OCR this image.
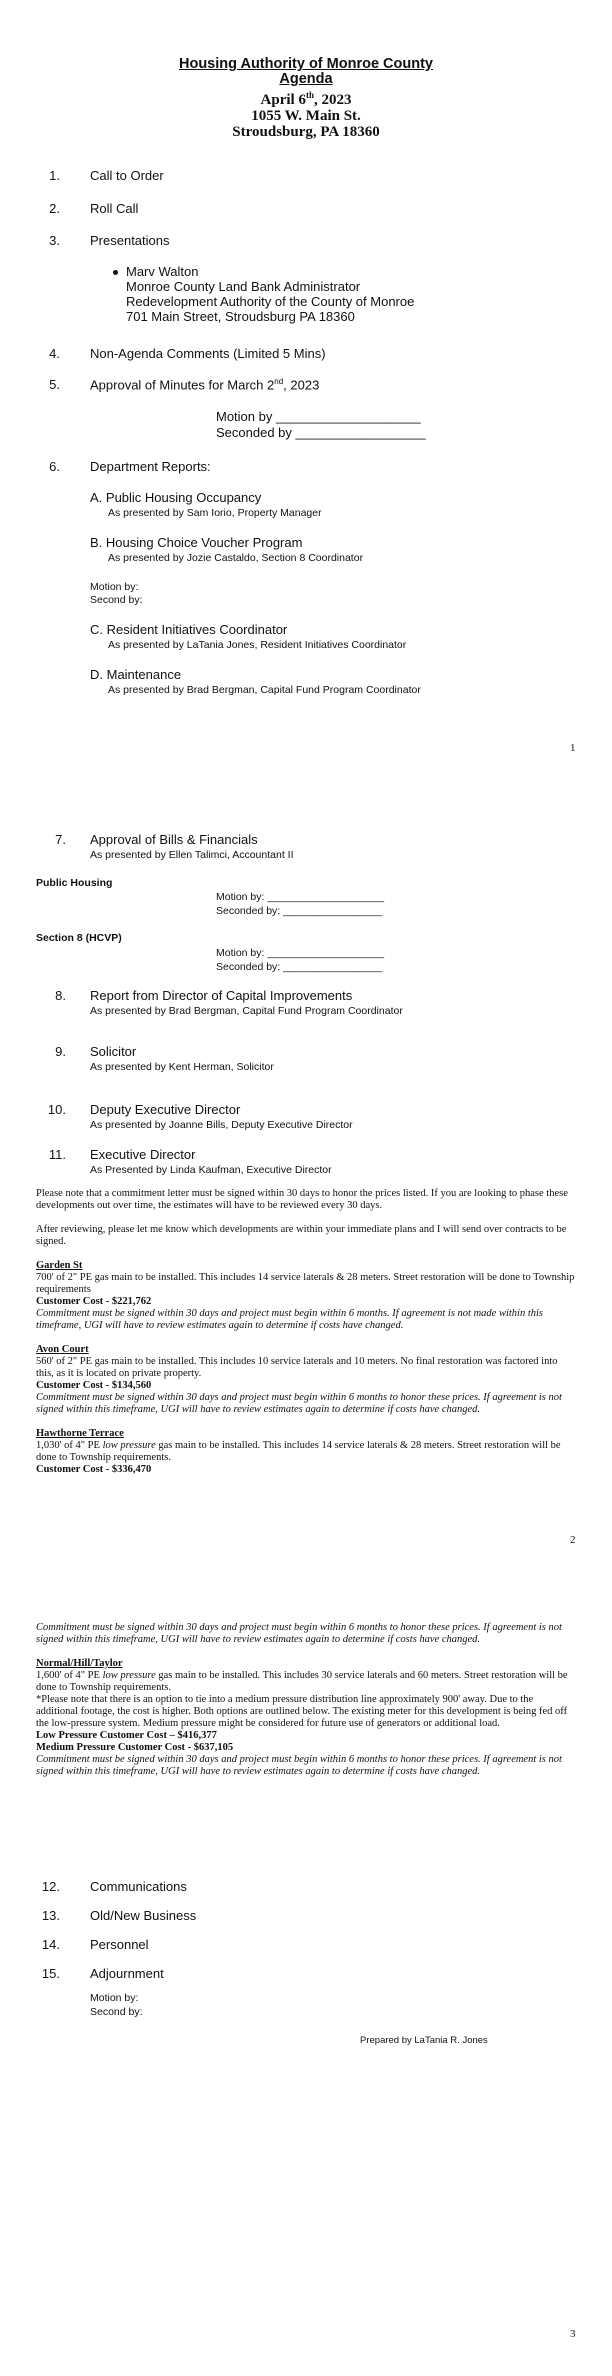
Housing Authority of Monroe County
Agenda
April 6th, 2023
1055 W. Main St.
Stroudsburg, PA 18360
1. Call to Order
2. Roll Call
3. Presentations
Marv Walton
Monroe County Land Bank Administrator
Redevelopment Authority of the County of Monroe
701 Main Street, Stroudsburg PA 18360
4. Non-Agenda Comments (Limited 5 Mins)
5. Approval of Minutes for March 2nd, 2023
Motion by ____________________
Seconded by __________________
6. Department Reports:
A. Public Housing Occupancy
As presented by Sam Iorio, Property Manager
B. Housing Choice Voucher Program
As presented by Jozie Castaldo, Section 8 Coordinator
Motion by:
Second by:
C. Resident Initiatives Coordinator
As presented by LaTania Jones, Resident Initiatives Coordinator
D. Maintenance
As presented by Brad Bergman, Capital Fund Program Coordinator
1
7. Approval of Bills & Financials
As presented by Ellen Talimci, Accountant II
Public Housing
Motion by: ____________________
Seconded by: _________________
Section 8 (HCVP)
Motion by: ____________________
Seconded by: _________________
8. Report from Director of Capital Improvements
As presented by Brad Bergman, Capital Fund Program Coordinator
9. Solicitor
As presented by Kent Herman, Solicitor
10. Deputy Executive Director
As presented by Joanne Bills, Deputy Executive Director
11. Executive Director
As Presented by Linda Kaufman, Executive Director

Please note that a commitment letter must be signed within 30 days to honor the prices listed. If you are looking to phase these developments out over time, the estimates will have to be reviewed every 30 days.

After reviewing, please let me know which developments are within your immediate plans and I will send over contracts to be signed.

Garden St

700' of 2" PE gas main to be installed. This includes 14 service laterals & 28 meters. Street restoration will be done to Township requirements

Customer Cost - $221,762

Commitment must be signed within 30 days and project must begin within 6 months. If agreement is not made within this timeframe, UGI will have to review estimates again to determine if costs have changed.

Avon Court

560' of 2" PE gas main to be installed. This includes 10 service laterals and 10 meters. No final restoration was factored into this, as it is located on private property.

Customer Cost - $134,560

Commitment must be signed within 30 days and project must begin within 6 months to honor these prices. If agreement is not signed within this timeframe, UGI will have to review estimates again to determine if costs have changed.

Hawthorne Terrace

1,030' of 4" PE low pressure gas main to be installed. This includes 14 service laterals & 28 meters. Street restoration will be done to Township requirements.

Customer Cost - $336,470

2

Commitment must be signed within 30 days and project must begin within 6 months to honor these prices. If agreement is not signed within this timeframe, UGI will have to review estimates again to determine if costs have changed.

Normal/Hill/Taylor

1,600' of 4" PE low pressure gas main to be installed. This includes 30 service laterals and 60 meters. Street restoration will be done to Township requirements.

*Please note that there is an option to tie into a medium pressure distribution line approximately 900' away. Due to the additional footage, the cost is higher. Both options are outlined below. The existing meter for this development is being fed off the low-pressure system. Medium pressure might be considered for future use of generators or additional load.

Low Pressure Customer Cost – $416,377

Medium Pressure Customer Cost - $637,105

Commitment must be signed within 30 days and project must begin within 6 months to honor these prices. If agreement is not signed within this timeframe, UGI will have to review estimates again to determine if costs have changed.

12. Communications
13. Old/New Business
14. Personnel
15. Adjournment
Motion by:
Second by:
Prepared by LaTania R. Jones
3
